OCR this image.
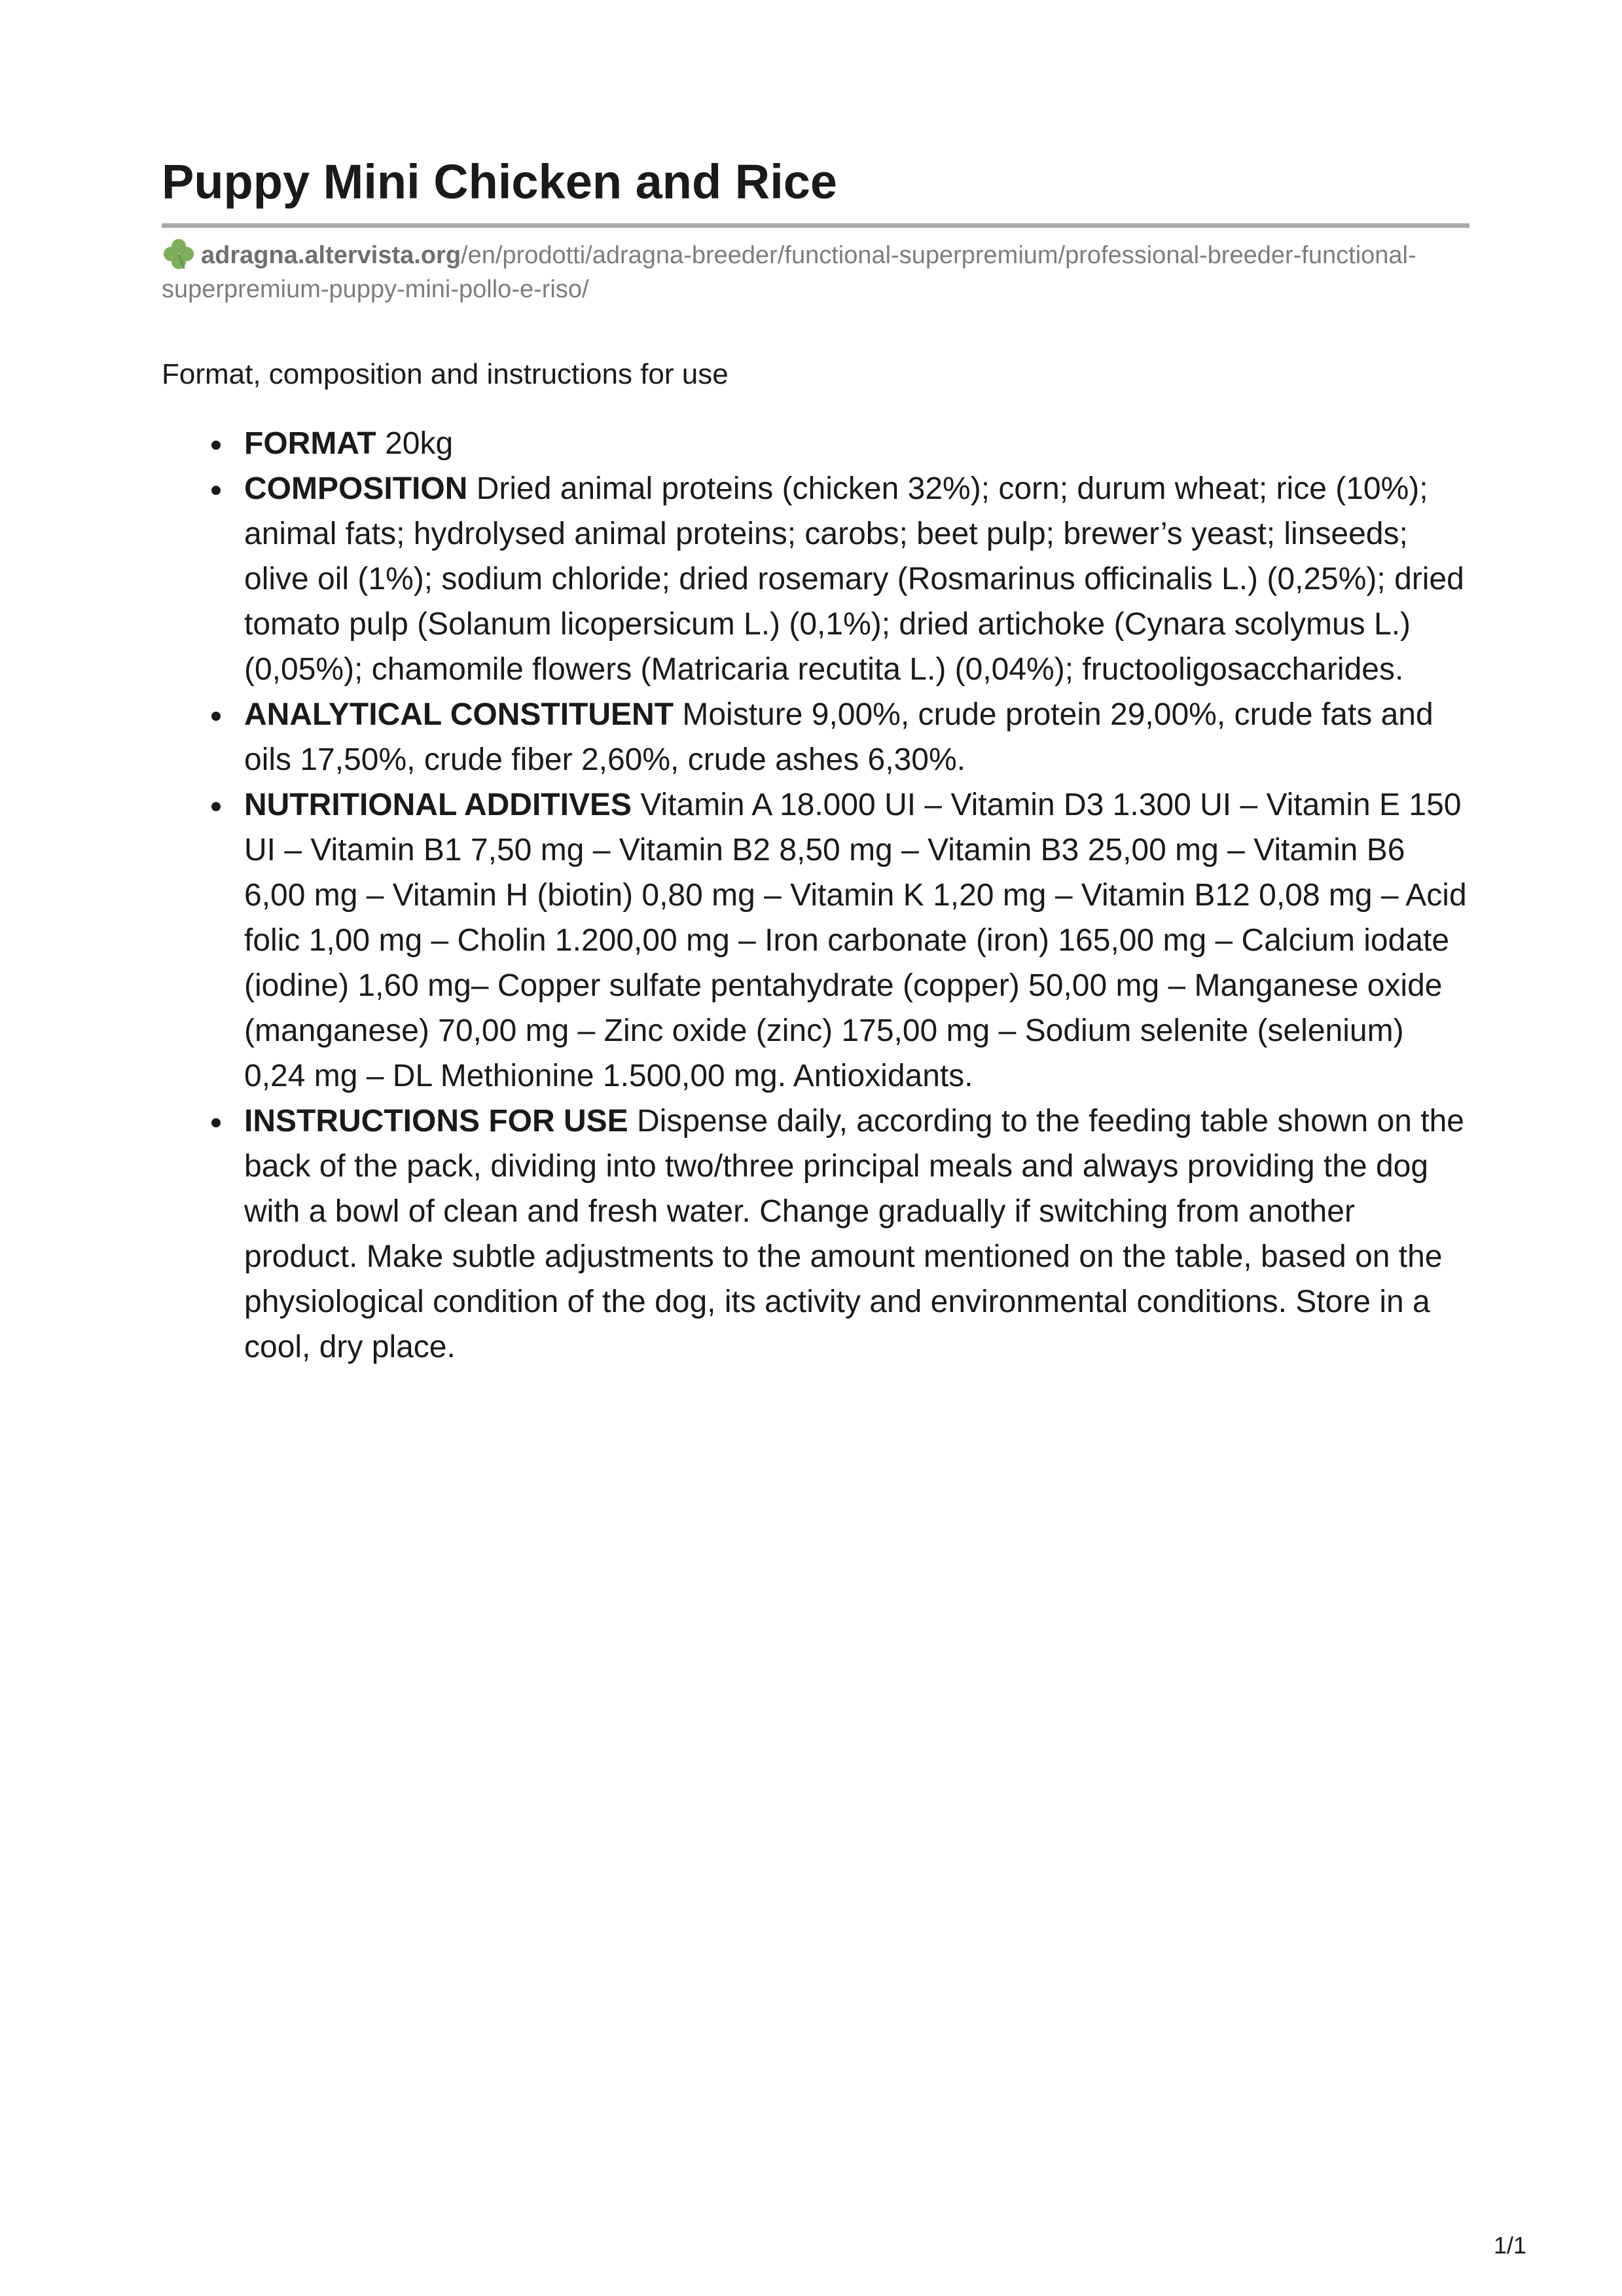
Puppy Mini Chicken and Rice
adragna.altervista.org/en/prodotti/adragna-breeder/functional-superpremium/professional-breeder-functional-superpremium-puppy-mini-pollo-e-riso/

Format, composition and instructions for use

FORMAT 20kg
COMPOSITION Dried animal proteins (chicken 32%); corn; durum wheat; rice (10%); animal fats; hydrolysed animal proteins; carobs; beet pulp; brewer’s yeast; linseeds; olive oil (1%); sodium chloride; dried rosemary (Rosmarinus officinalis L.) (0,25%); dried tomato pulp (Solanum licopersicum L.) (0,1%); dried artichoke (Cynara scolymus L.) (0,05%); chamomile flowers (Matricaria recutita L.) (0,04%); fructooligosaccharides.
ANALYTICAL CONSTITUENT Moisture 9,00%, crude protein 29,00%, crude fats and oils 17,50%, crude fiber 2,60%, crude ashes 6,30%.
NUTRITIONAL ADDITIVES Vitamin A 18.000 UI – Vitamin D3 1.300 UI – Vitamin E 150 UI – Vitamin B1 7,50 mg – Vitamin B2 8,50 mg – Vitamin B3 25,00 mg – Vitamin B6 6,00 mg – Vitamin H (biotin) 0,80 mg – Vitamin K 1,20 mg – Vitamin B12 0,08 mg – Acid folic 1,00 mg – Cholin 1.200,00 mg – Iron carbonate (iron) 165,00 mg – Calcium iodate (iodine) 1,60 mg– Copper sulfate pentahydrate (copper) 50,00 mg – Manganese oxide (manganese) 70,00 mg – Zinc oxide (zinc) 175,00 mg – Sodium selenite (selenium) 0,24 mg – DL Methionine 1.500,00 mg. Antioxidants.
INSTRUCTIONS FOR USE Dispense daily, according to the feeding table shown on the back of the pack, dividing into two/three principal meals and always providing the dog with a bowl of clean and fresh water. Change gradually if switching from another product. Make subtle adjustments to the amount mentioned on the table, based on the physiological condition of the dog, its activity and environmental conditions. Store in a cool, dry place.
1/1
